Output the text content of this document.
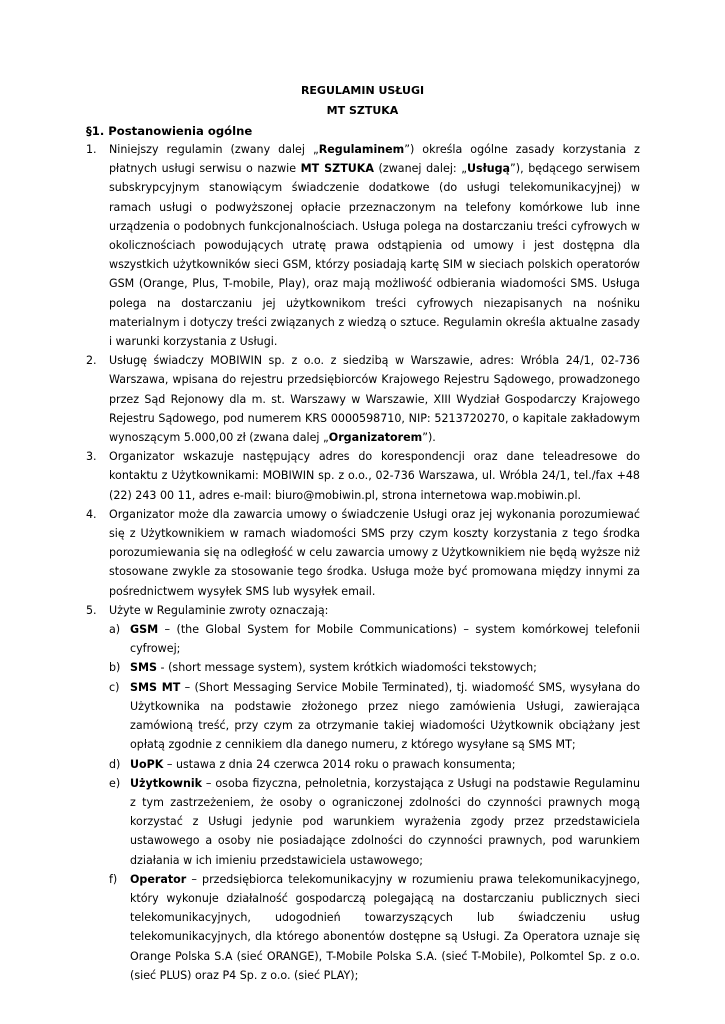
REGULAMIN USŁUGI
MT SZTUKA
§1. Postanowienia ogólne
1. Niniejszy regulamin (zwany dalej „Regulaminem”) określa ogólne zasady korzystania z płatnych usługi serwisu o nazwie MT SZTUKA (zwanej dalej: „Usługą”), będącego serwisem subskrypcyjnym stanowiącym świadczenie dodatkowe (do usługi telekomunikacyjnej) w ramach usługi o podwyższonej opłacie przeznaczonym na telefony komórkowe lub inne urządzenia o podobnych funkcjonalnościach. Usługa polega na dostarczaniu treści cyfrowych w okolicznościach powodujących utratę prawa odstąpienia od umowy i jest dostępna dla wszystkich użytkowników sieci GSM, którzy posiadają kartę SIM w sieciach polskich operatorów GSM (Orange, Plus, T-mobile, Play), oraz mają możliwość odbierania wiadomości SMS. Usługa polega na dostarczaniu jej użytkownikom treści cyfrowych niezapisanych na nośniku materialnym i dotyczy treści związanych z wiedzą o sztuce. Regulamin określa aktualne zasady i warunki korzystania z Usługi.
2. Usługę świadczy MOBIWIN sp. z o.o. z siedzibą w Warszawie, adres: Wróbla 24/1, 02-736 Warszawa, wpisana do rejestru przedsiębiorców Krajowego Rejestru Sądowego, prowadzonego przez Sąd Rejonowy dla m. st. Warszawy w Warszawie, XIII Wydział Gospodarczy Krajowego Rejestru Sądowego, pod numerem KRS 0000598710, NIP: 5213720270, o kapitale zakładowym wynoszącym 5.000,00 zł (zwana dalej „Organizatorem”).
3. Organizator wskazuje następujący adres do korespondencji oraz dane teleadresowe do kontaktu z Użytkownikami: MOBIWIN sp. z o.o., 02-736 Warszawa, ul. Wróbla 24/1, tel./fax +48 (22) 243 00 11, adres e-mail: biuro@mobiwin.pl, strona internetowa wap.mobiwin.pl.
4. Organizator może dla zawarcia umowy o świadczenie Usługi oraz jej wykonania porozumiewać się z Użytkownikiem w ramach wiadomości SMS przy czym koszty korzystania z tego środka porozumiewania się na odległość w celu zawarcia umowy z Użytkownikiem nie będą wyższe niż stosowane zwykle za stosowanie tego środka. Usługa może być promowana między innymi za pośrednictwem wysyłek SMS lub wysyłek email.
5. Użyte w Regulaminie zwroty oznaczają:
a) GSM – (the Global System for Mobile Communications) – system komórkowej telefonii cyfrowej;
b) SMS - (short message system), system krótkich wiadomości tekstowych;
c) SMS MT – (Short Messaging Service Mobile Terminated), tj. wiadomość SMS, wysyłana do Użytkownika na podstawie złożonego przez niego zamówienia Usługi, zawierająca zamówioną treść, przy czym za otrzymanie takiej wiadomości Użytkownik obciążany jest opłatą zgodnie z cennikiem dla danego numeru, z którego wysyłane są SMS MT;
d) UoPK – ustawa z dnia 24 czerwca 2014 roku o prawach konsumenta;
e) Użytkownik – osoba fizyczna, pełnoletnia, korzystająca z Usługi na podstawie Regulaminu z tym zastrzeżeniem, że osoby o ograniczonej zdolności do czynności prawnych mogą korzystać z Usługi jedynie pod warunkiem wyrażenia zgody przez przedstawiciela ustawowego a osoby nie posiadające zdolności do czynności prawnych, pod warunkiem działania w ich imieniu przedstawiciela ustawowego;
f) Operator – przedsiębiorca telekomunikacyjny w rozumieniu prawa telekomunikacyjnego, który wykonuje działalność gospodarczą polegającą na dostarczaniu publicznych sieci telekomunikacyjnych, udogodnień towarzyszących lub świadczeniu usług telekomunikacyjnych, dla którego abonentów dostępne są Usługi. Za Operatora uznaje się Orange Polska S.A (sieć ORANGE), T-Mobile Polska S.A. (sieć T-Mobile), Polkomtel Sp. z o.o. (sieć PLUS) oraz P4 Sp. z o.o. (sieć PLAY);
